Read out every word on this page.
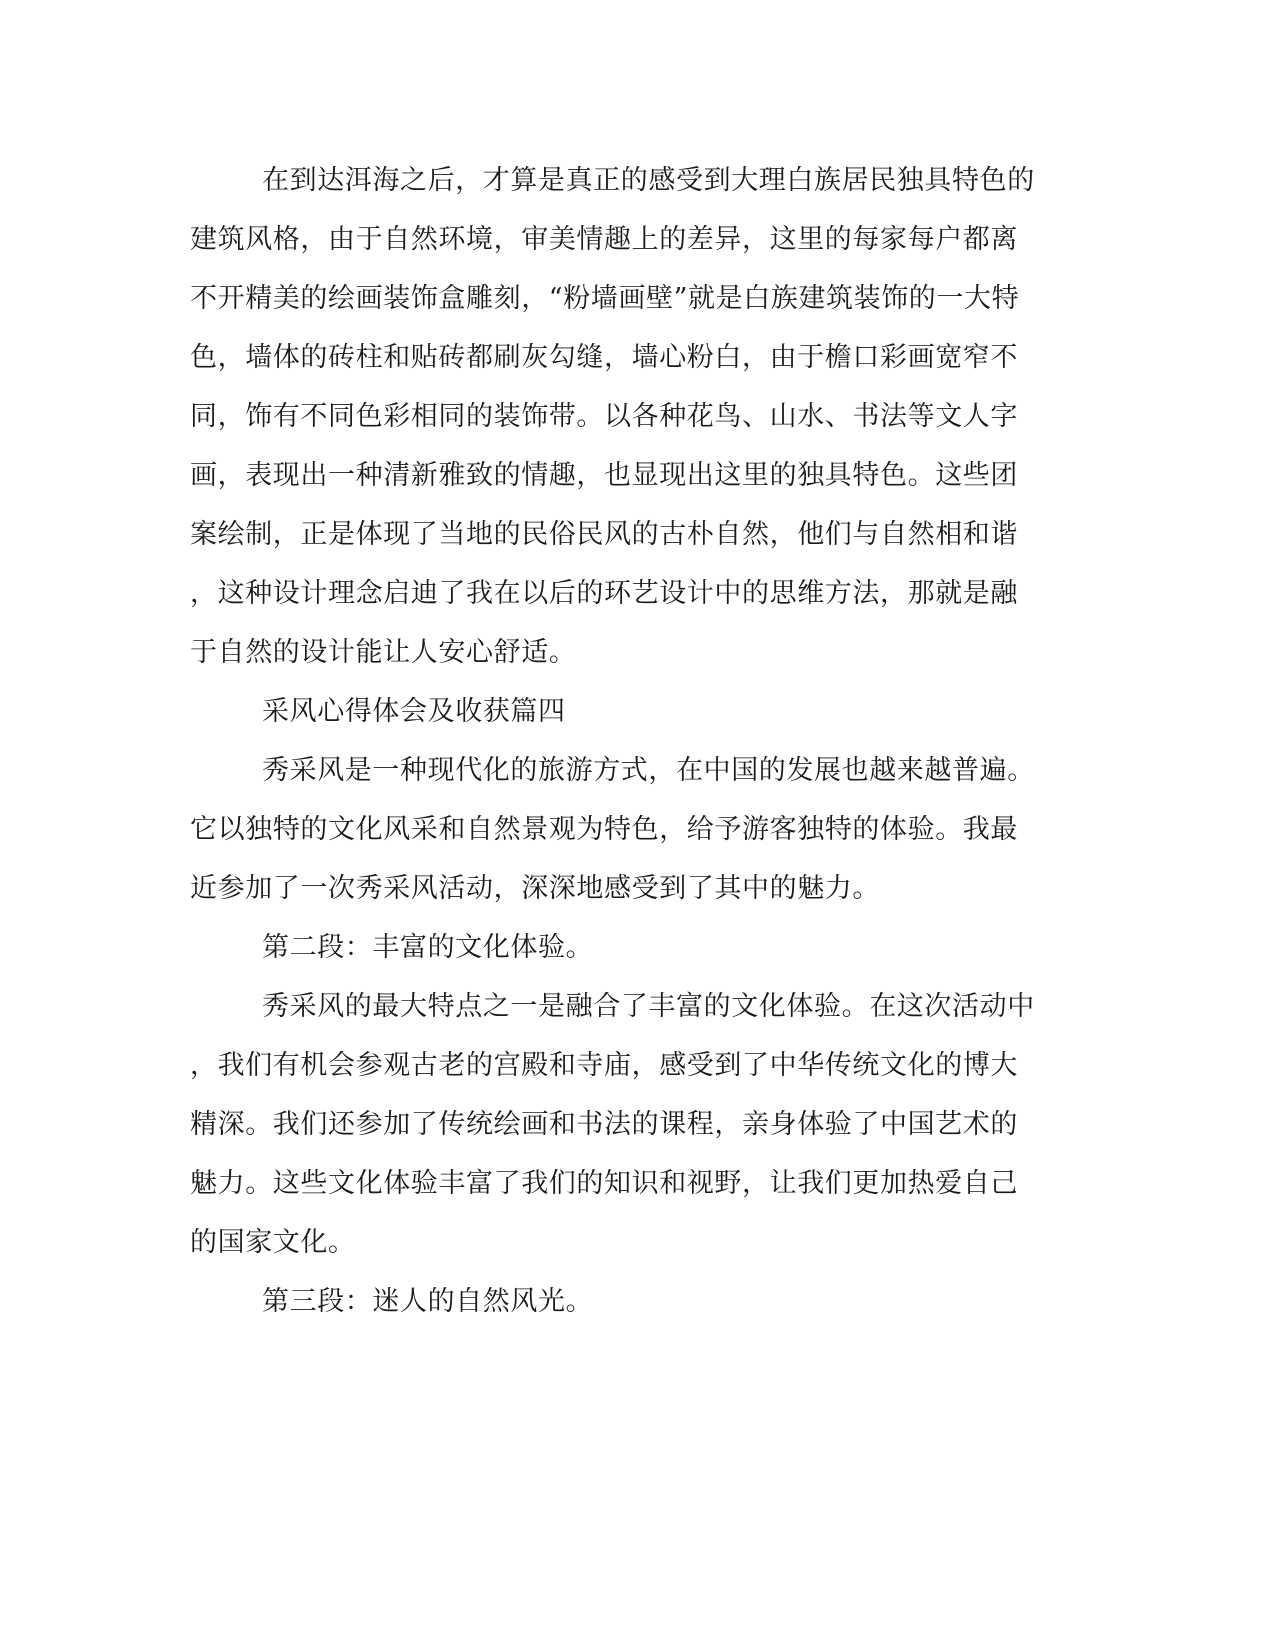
在到达洱海之后，才算是真正的感受到大理白族居民独具特色的
建筑风格，由于自然环境，审美情趣上的差异，这里的每家每户都离
不开精美的绘画装饰盒雕刻，“粉墙画壁”就是白族建筑装饰的一大特
色，墙体的砖柱和贴砖都刷灰勾缝，墙心粉白，由于檐口彩画宽窄不
同，饰有不同色彩相同的装饰带。以各种花鸟、山水、书法等文人字
画，表现出一种清新雅致的情趣，也显现出这里的独具特色。这些团
案绘制，正是体现了当地的民俗民风的古朴自然，他们与自然相和谐
，这种设计理念启迪了我在以后的环艺设计中的思维方法，那就是融
于自然的设计能让人安心舒适。
采风心得体会及收获篇四
秀采风是一种现代化的旅游方式，在中国的发展也越来越普遍。
它以独特的文化风采和自然景观为特色，给予游客独特的体验。我最
近参加了一次秀采风活动，深深地感受到了其中的魅力。
第二段：丰富的文化体验。
秀采风的最大特点之一是融合了丰富的文化体验。在这次活动中
，我们有机会参观古老的宫殿和寺庙，感受到了中华传统文化的博大
精深。我们还参加了传统绘画和书法的课程，亲身体验了中国艺术的
魅力。这些文化体验丰富了我们的知识和视野，让我们更加热爱自己
的国家文化。
第三段：迷人的自然风光。
